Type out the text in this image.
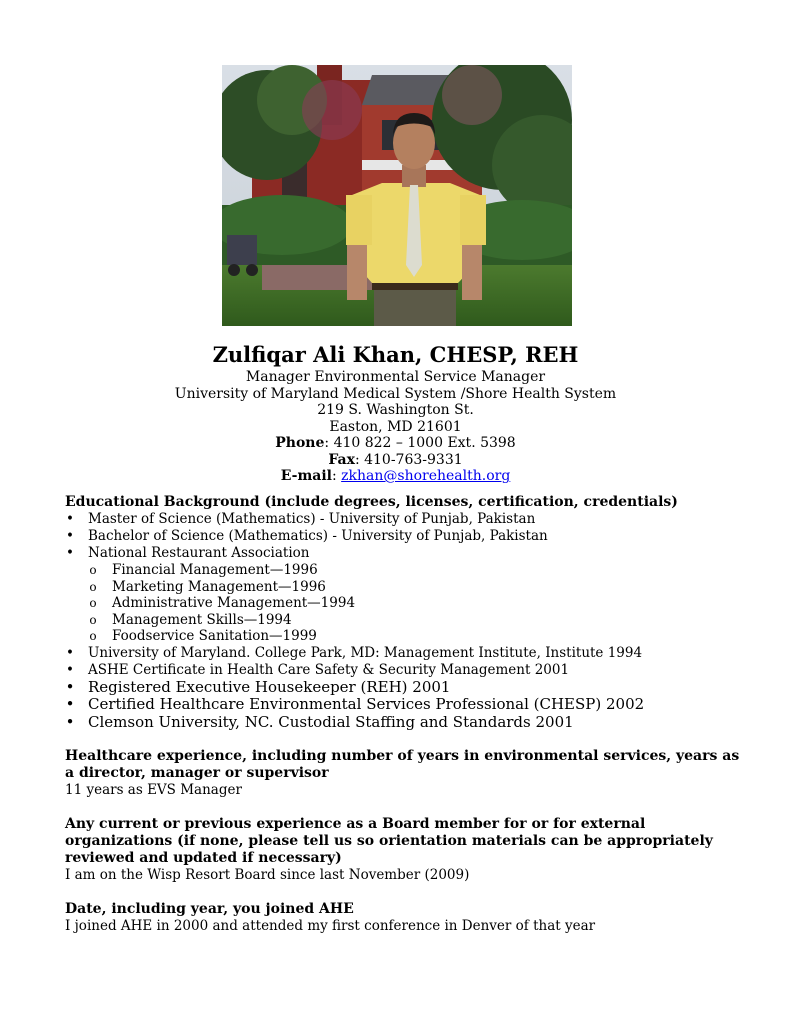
Zulfiqar Ali Khan, CHESP, REH

Manager Environmental Service Manager

University of Maryland Medical System /Shore Health System

219 S. Washington St.

Easton, MD 21601

Phone: 410 822 – 1000 Ext. 5398

Fax: 410-763-9331

E-mail: zkhan@shorehealth.org

Educational Background (include degrees, licenses, certification, credentials)

• Master of Science (Mathematics) - University of Punjab, Pakistan
• Bachelor of Science (Mathematics) - University of Punjab, Pakistan
• National Restaurant Association
o Financial Management—1996
o Marketing Management—1996
o Administrative Management—1994
o Management Skills—1994
o Foodservice Sanitation—1999
• University of Maryland. College Park, MD: Management Institute, Institute 1994
• ASHE Certificate in Health Care Safety & Security Management 2001
• Registered Executive Housekeeper (REH) 2001
• Certified Healthcare Environmental Services Professional (CHESP) 2002
• Clemson University, NC. Custodial Staffing and Standards 2001

Healthcare experience, including number of years in environmental services, years as a director, manager or supervisor

11 years as EVS Manager

Any current or previous experience as a Board member for or for external organizations (if none, please tell us so orientation materials can be appropriately reviewed and updated if necessary)

I am on the Wisp Resort Board since last November (2009)

Date, including year, you joined AHE

I joined AHE in 2000 and attended my first conference in Denver of that year
